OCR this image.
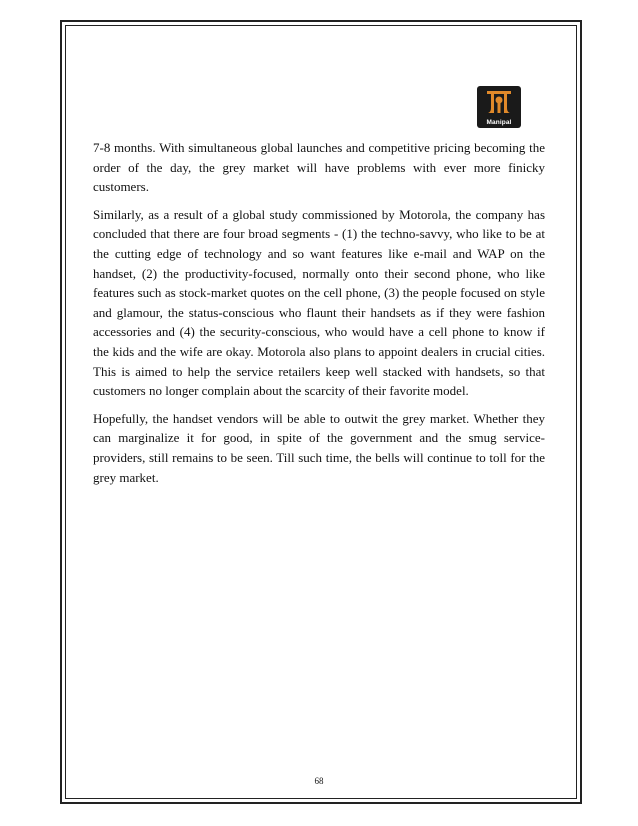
Manipal

7-8 months. With simultaneous global launches and competitive pricing becoming the order of the day, the grey market will have problems with ever more finicky customers.

Similarly, as a result of a global study commissioned by Motorola, the company has concluded that there are four broad segments - (1) the techno-savvy, who like to be at the cutting edge of technology and so want features like e-mail and WAP on the handset, (2) the productivity-focused, normally onto their second phone, who like features such as stock-market quotes on the cell phone, (3) the people focused on style and glamour, the status-conscious who flaunt their handsets as if they were fashion accessories and (4) the security-conscious, who would have a cell phone to know if the kids and the wife are okay. Motorola also plans to appoint dealers in crucial cities. This is aimed to help the service retailers keep well stacked with handsets, so that customers no longer complain about the scarcity of their favorite model.

Hopefully, the handset vendors will be able to outwit the grey market. Whether they can marginalize it for good, in spite of the government and the smug service-providers, still remains to be seen. Till such time, the bells will continue to toll for the grey market.

68
